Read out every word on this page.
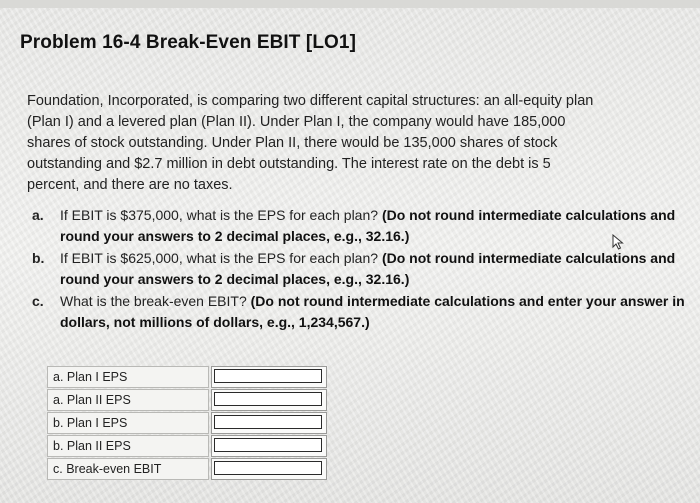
Problem 16-4 Break-Even EBIT [LO1]
Foundation, Incorporated, is comparing two different capital structures: an all-equity plan
(Plan I) and a levered plan (Plan II). Under Plan I, the company would have 185,000
shares of stock outstanding. Under Plan II, there would be 135,000 shares of stock
outstanding and $2.7 million in debt outstanding. The interest rate on the debt is 5
percent, and there are no taxes.
a. If EBIT is $375,000, what is the EPS for each plan? (Do not round intermediate calculations and round your answers to 2 decimal places, e.g., 32.16.)
b. If EBIT is $625,000, what is the EPS for each plan? (Do not round intermediate calculations and round your answers to 2 decimal places, e.g., 32.16.)
c. What is the break-even EBIT? (Do not round intermediate calculations and enter your answer in dollars, not millions of dollars, e.g., 1,234,567.)
a. Plan I EPS
a. Plan II EPS
b. Plan I EPS
b. Plan II EPS
c. Break-even EBIT
